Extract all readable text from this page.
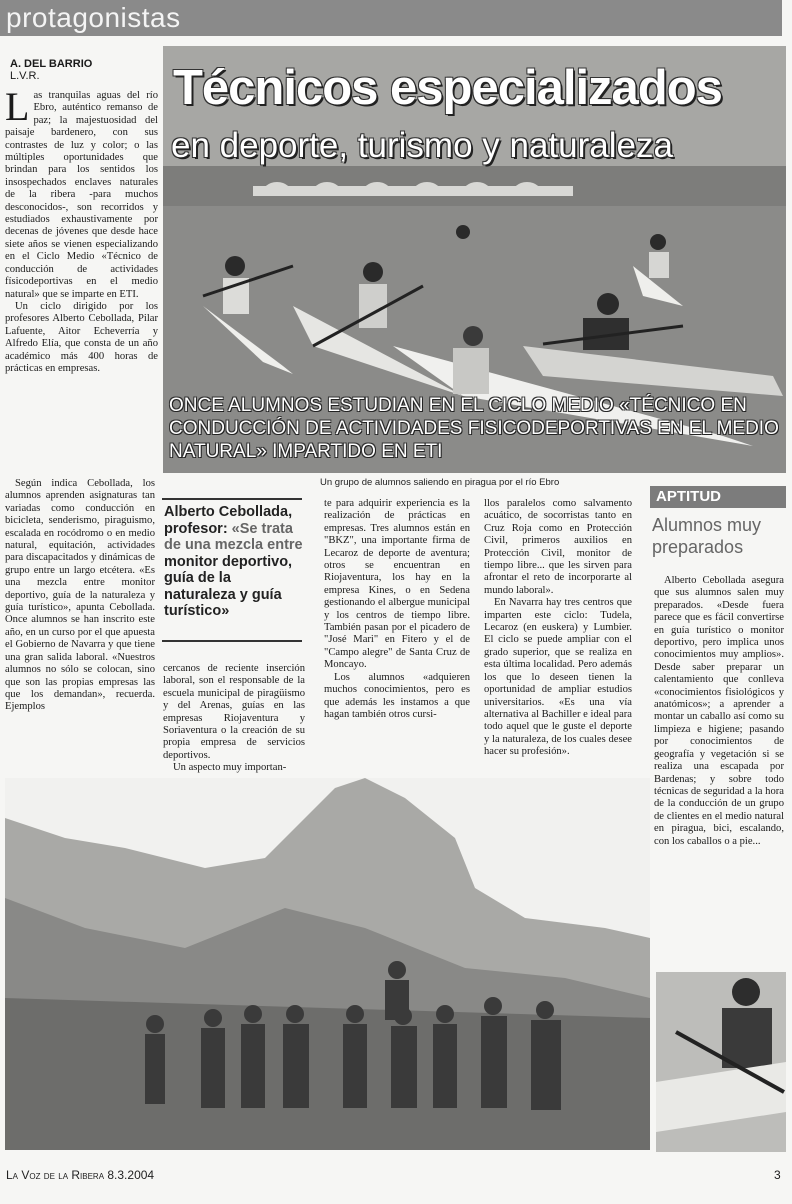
protagonistas
A. DEL BARRIO
L.V.R.

Las tranquilas aguas del río Ebro, auténtico remanso de paz; la majestuosidad del paisaje bardenero, con sus contrastes de luz y color; o las múltiples oportunidades que brindan para los sentidos los insospechados enclaves naturales de la ribera -para muchos desconocidos-, son recorridos y estudiados exhaustivamente por decenas de jóvenes que desde hace siete años se vienen especializando en el Ciclo Medio «Técnico de conducción de actividades físicodeportivas en el medio natural» que se imparte en ETI.

Un ciclo dirigido por los profesores Alberto Cebollada, Pilar Lafuente, Aitor Echeverría y Alfredo Elía, que consta de un año académico más 400 horas de prácticas en empresas.

Según indica Cebollada, los alumnos aprenden asignaturas tan variadas como conducción en bicicleta, senderismo, piraguismo, escalada en rocódromo o en medio natural, equitación, actividades para discapacitados y dinámicas de grupo entre un largo etcétera. «Es una mezcla entre monitor deportivo, guía de la naturaleza y guía turístico», apunta Cebollada. Once alumnos se han inscrito este año, en un curso por el que apuesta el Gobierno de Navarra y que tiene una gran salida laboral. «Nuestros alumnos no sólo se colocan, sino que son las propias empresas las que los demandan», recuerda. Ejemplos

Técnicos especializados
en deporte, turismo y naturaleza
ONCE ALUMNOS ESTUDIAN EN EL CICLO MEDIO «TÉCNICO EN CONDUCCIÓN DE ACTIVIDADES FISICODEPORTIVAS EN EL MEDIO NATURAL» IMPARTIDO EN ETI
Un grupo de alumnos saliendo en piragua por el río Ebro
Alberto Cebollada, profesor: «Se trata de una mezcla entre monitor deportivo, guía de la naturaleza y guía turístico»

cercanos de reciente inserción laboral, son el responsable de la escuela municipal de piragüismo y del Arenas, guías en las empresas Riojaventura y Soriaventura o la creación de su propia empresa de servicios deportivos.

Un aspecto muy importan-

te para adquirir experiencia es la realización de prácticas en empresas. Tres alumnos están en "BKZ", una importante firma de Lecaroz de deporte de aventura; otros se encuentran en Riojaventura, los hay en la empresa Kines, o en Sedena gestionando el albergue municipal y los centros de tiempo libre. También pasan por el picadero de "José Mari" en Fitero y el de "Campo alegre" de Santa Cruz de Moncayo.

Los alumnos «adquieren muchos conocimientos, pero es que además les instamos a que hagan también otros cursi-

llos paralelos como salvamento acuático, de socorristas tanto en Cruz Roja como en Protección Civil, primeros auxilios en Protección Civil, monitor de tiempo libre... que les sirven para afrontar el reto de incorporarte al mundo laboral».

En Navarra hay tres centros que imparten este ciclo: Tudela, Lecaroz (en euskera) y Lumbier. El ciclo se puede ampliar con el grado superior, que se realiza en esta última localidad. Pero además los que lo deseen tienen la oportunidad de ampliar estudios universitarios. «Es una vía alternativa al Bachiller e ideal para todo aquel que le guste el deporte y la naturaleza, de los cuales desee hacer su profesión».

APTITUD
Alumnos muy preparados

Alberto Cebollada asegura que sus alumnos salen muy preparados. «Desde fuera parece que es fácil convertirse en guía turístico o monitor deportivo, pero implica unos conocimientos muy amplios». Desde saber preparar un calentamiento que conlleva «conocimientos fisiológicos y anatómicos»; a aprender a montar un caballo así como su limpieza e higiene; pasando por conocimientos de geografía y vegetación si se realiza una escapada por Bardenas; y sobre todo técnicas de seguridad a la hora de la conducción de un grupo de clientes en el medio natural en piragua, bici, escalando, con los caballos o a pie...

La Voz de la Ribera 8.3.2004	3
